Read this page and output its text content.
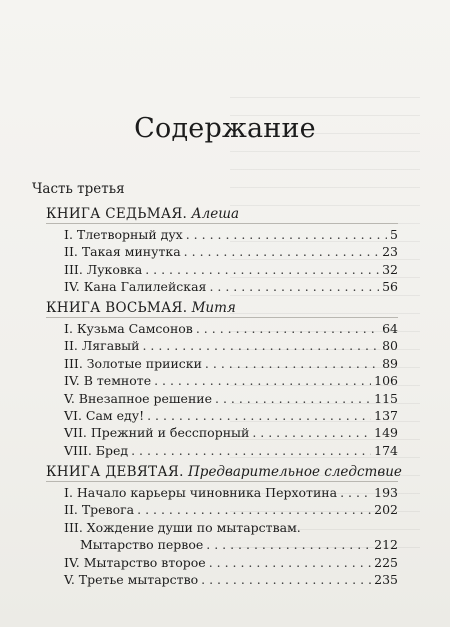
Содержание
Часть третья
КНИГА СЕДЬМАЯ. Алеша
I. Тлетворный дух . . .	5
II. Такая минутка . . .	23
III. Луковка . . .	32
IV. Кана Галилейская . . .	56
КНИГА ВОСЬМАЯ. Митя
I. Кузьма Самсонов . . .	64
II. Лягавый . . .	80
III. Золотые прииски . . .	89
IV. В темноте . . .	106
V. Внезапное решение . . .	115
VI. Сам еду! . . .	137
VII. Прежний и бесспорный . . .	149
VIII. Бред . . .	174
КНИГА ДЕВЯТАЯ. Предварительное следствие
I. Начало карьеры чиновника Перхотина . . .	193
II. Тревога . . .	202
III. Хождение души по мытарствам.
Мытарство первое . . .	212
IV. Мытарство второе . . .	225
V. Третье мытарство . . .	235
